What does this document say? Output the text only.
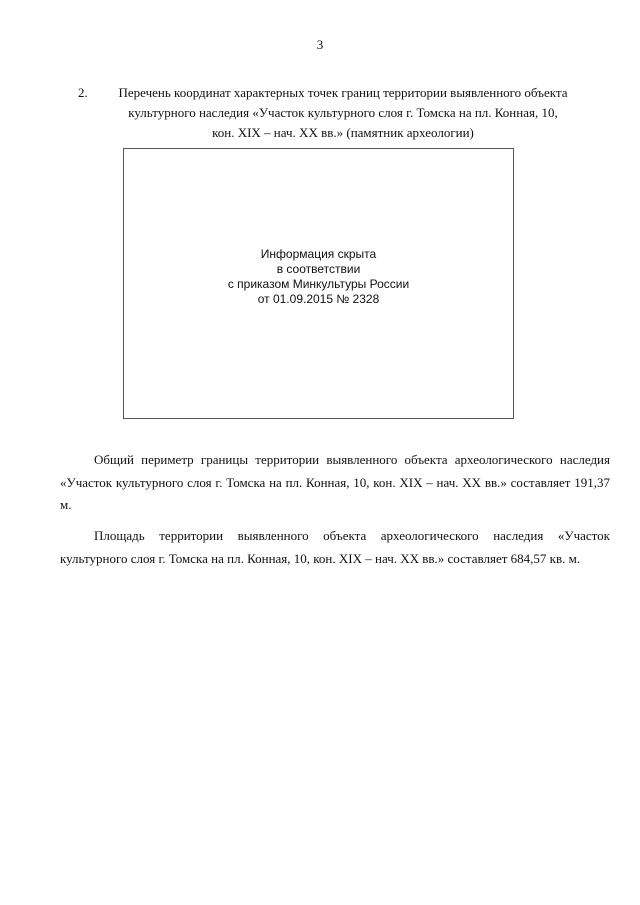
3
2.	Перечень координат характерных точек границ территории выявленного объекта
культурного наследия «Участок культурного слоя г. Томска на пл. Конная, 10,
кон. XIX – нач. XX вв.» (памятник археологии)
Информация скрыта
в соответствии
с приказом Минкультуры России
от 01.09.2015 № 2328

Общий периметр границы территории выявленного объекта археологического наследия «Участок культурного слоя г. Томска на пл. Конная, 10, кон. XIX – нач. XX вв.» составляет 191,37 м.

Площадь территории выявленного объекта археологического наследия «Участок культурного слоя г. Томска на пл. Конная, 10, кон. XIX – нач. XX вв.» составляет 684,57 кв. м.
